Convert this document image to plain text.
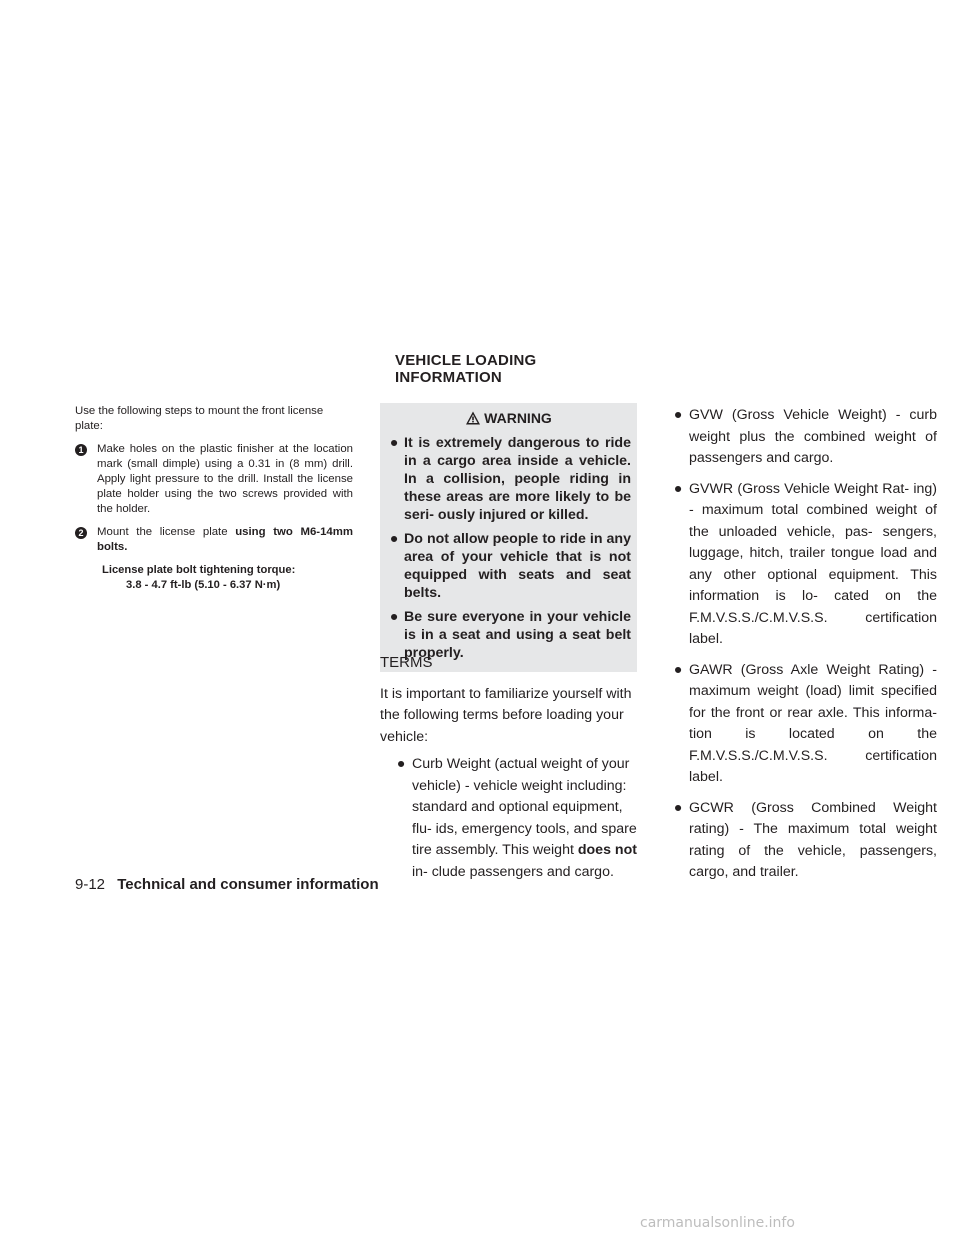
VEHICLE LOADING INFORMATION

Use the following steps to mount the front license plate:

1	Make holes on the plastic finisher at the location mark (small dimple) using a 0.31 in (8 mm) drill. Apply light pressure to the drill. Install the license plate holder using the two screws provided with the holder.
2	Mount the license plate using two M6-14mm bolts.
License plate bolt tightening torque:
3.8 - 4.7 ft-lb (5.10 - 6.37 N·m)
WARNING
● It is extremely dangerous to ride in a cargo area inside a vehicle. In a collision, people riding in these areas are more likely to be seri- ously injured or killed.
● Do not allow people to ride in any area of your vehicle that is not equipped with seats and seat belts.
● Be sure everyone in your vehicle is in a seat and using a seat belt properly.
TERMS

It is important to familiarize yourself with the following terms before loading your vehicle:

● Curb Weight (actual weight of your vehicle) - vehicle weight including: standard and optional equipment, flu- ids, emergency tools, and spare tire assembly. This weight does not in- clude passengers and cargo.
● GVW (Gross Vehicle Weight) - curb weight plus the combined weight of passengers and cargo.
● GVWR (Gross Vehicle Weight Rat- ing) - maximum total combined weight of the unloaded vehicle, pas- sengers, luggage, hitch, trailer tongue load and any other optional equipment. This information is lo- cated on the F.M.V.S.S./C.M.V.S.S. certification label.
● GAWR (Gross Axle Weight Rating) - maximum weight (load) limit specified for the front or rear axle. This informa- tion is located on the F.M.V.S.S./C.M.V.S.S. certification label.
● GCWR (Gross Combined Weight rating) - The maximum total weight rating of the vehicle, passengers, cargo, and trailer.
9-12 Technical and consumer information
carmanualsonline.info
